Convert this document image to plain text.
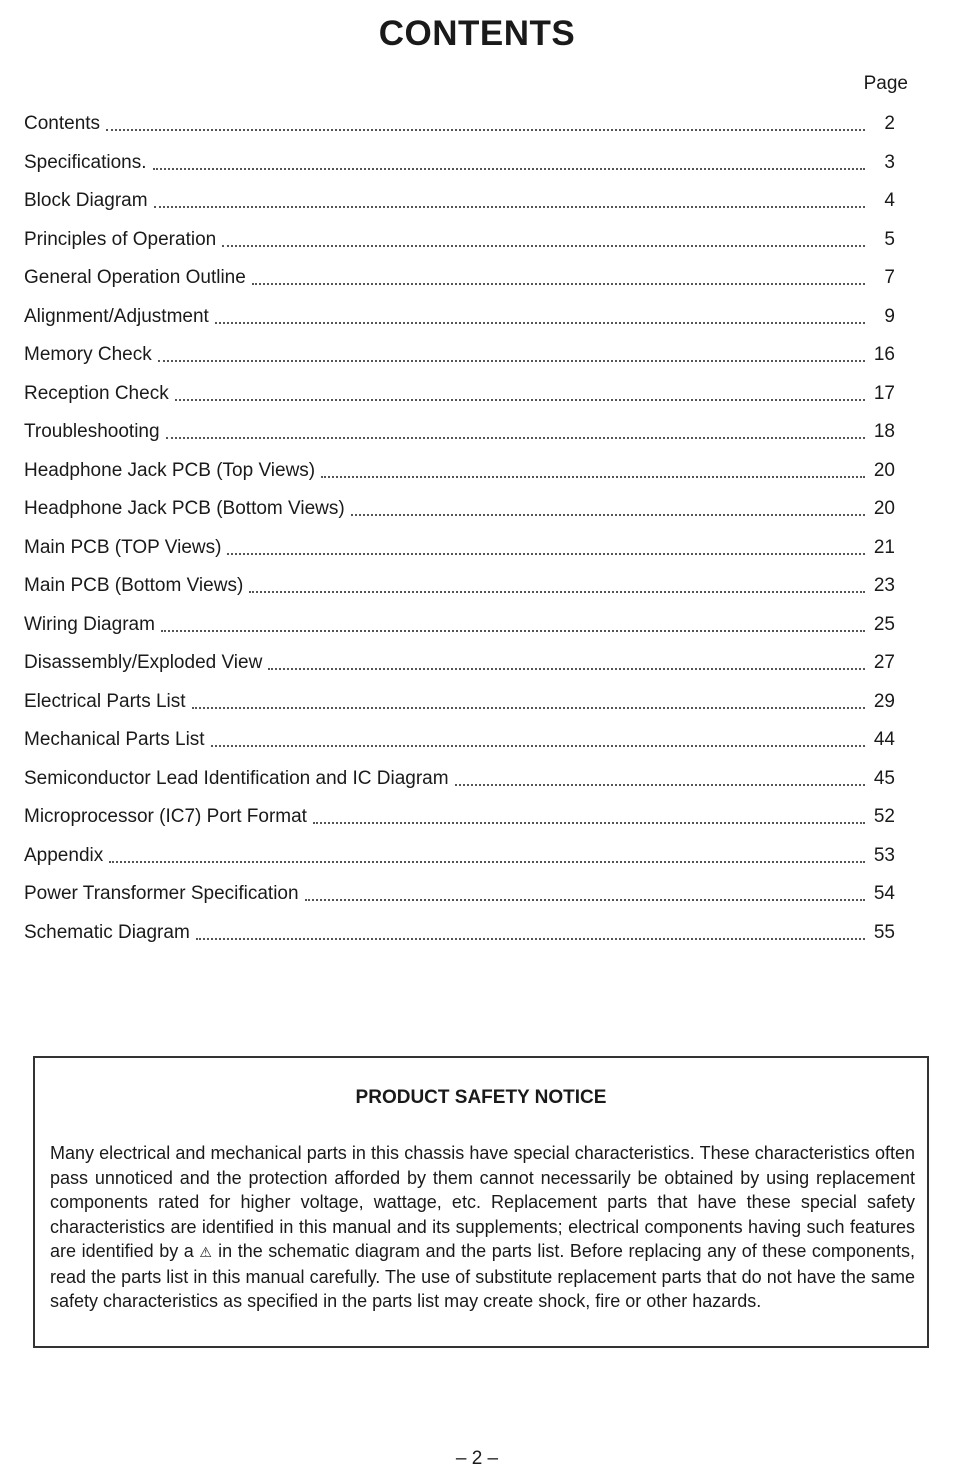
CONTENTS
Page
Contents	2
Specifications.	3
Block Diagram	4
Principles of Operation	5
General Operation Outline	7
Alignment/Adjustment	9
Memory Check	16
Reception Check	17
Troubleshooting	18
Headphone Jack PCB (Top Views)	20
Headphone Jack PCB (Bottom Views)	20
Main PCB (TOP Views)	21
Main PCB (Bottom Views)	23
Wiring Diagram	25
Disassembly/Exploded View	27
Electrical Parts List	29
Mechanical Parts List	44
Semiconductor Lead Identification and IC Diagram	45
Microprocessor (IC7) Port Format	52
Appendix	53
Power Transformer Specification	54
Schematic Diagram	55
PRODUCT SAFETY NOTICE
Many electrical and mechanical parts in this chassis have special characteristics. These characteristics often pass unnoticed and the protection afforded by them cannot necessarily be obtained by using replacement components rated for higher voltage, wattage, etc. Replacement parts that have these special safety characteristics are identified in this manual and its supplements; electrical components having such features are identified by a ⚠ in the schematic diagram and the parts list. Before replacing any of these components, read the parts list in this manual carefully. The use of substitute replacement parts that do not have the same safety characteristics as specified in the parts list may create shock, fire or other hazards.
– 2 –
